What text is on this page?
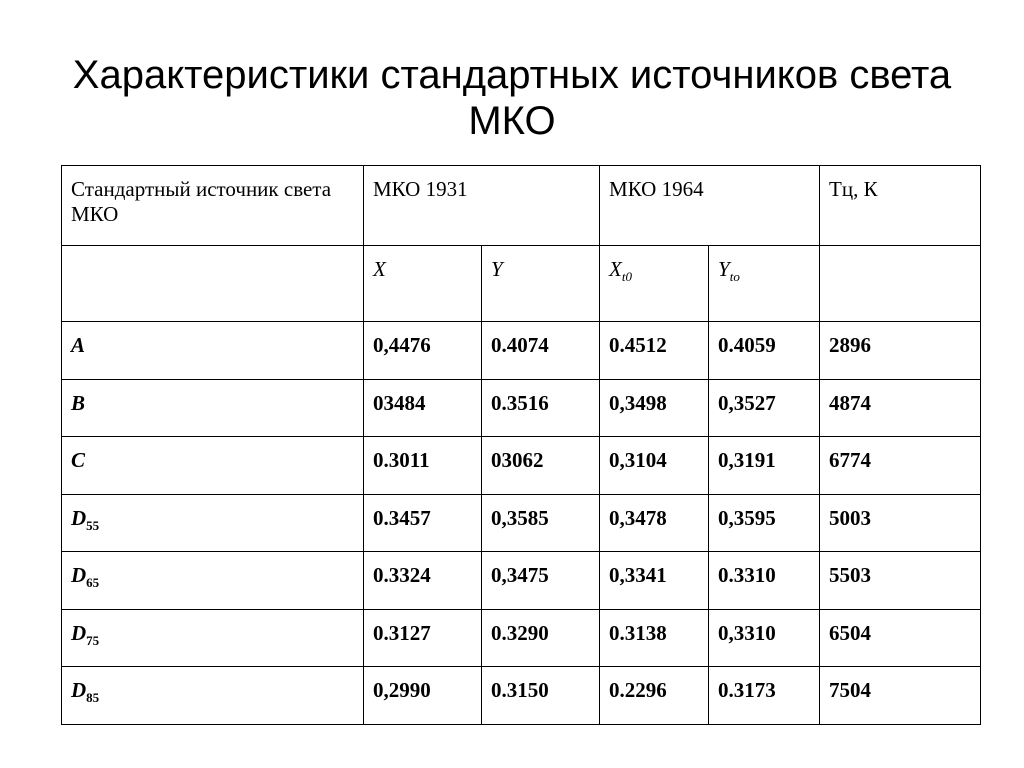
Характеристики стандартных источников света
МКО
Стандартный источник света МКО	МКО 1931		МКО 1964		Тц, К
	X	Y	$X_{t0}$	$Y_{to}$	
A	0,4476	0.4074	0.4512	0.4059	2896
B	03484	0.3516	0,3498	0,3527	4874
C	0.3011	03062	0,3104	0,3191	6774
$D_{55}$	0.3457	0,3585	0,3478	0,3595	5003
$D_{65}$	0.3324	0,3475	0,3341	0.3310	5503
$D_{75}$	0.3127	0.3290	0.3138	0,3310	6504
$D_{85}$	0,2990	0.3150	0.2296	0.3173	7504
